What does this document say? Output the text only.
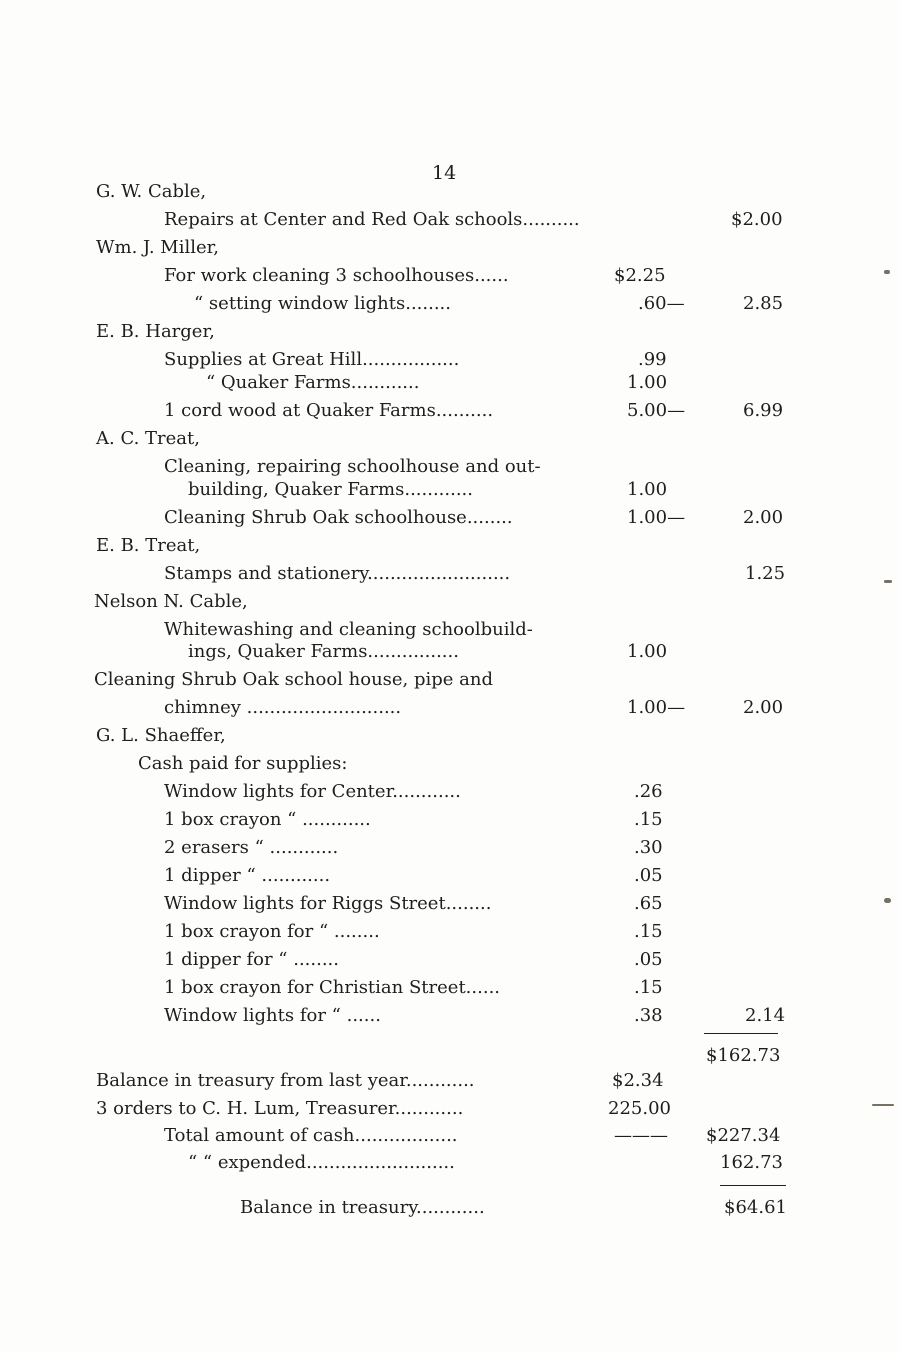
14
G. W. Cable,
Repairs at Center and Red Oak schools..........	$2.00
Wm. J. Miller,
For work cleaning 3 schoolhouses......	$2.25
“ setting window lights........	.60—	2.85
E. B. Harger,
Supplies at Great Hill.................	.99
“ Quaker Farms............	1.00
1 cord wood at Quaker Farms..........	5.00—	6.99
A. C. Treat,
Cleaning, repairing schoolhouse and out-
building, Quaker Farms............	1.00
Cleaning Shrub Oak schoolhouse........	1.00—	2.00
E. B. Treat,
Stamps and stationery.........................	1.25
Nelson N. Cable,
Whitewashing and cleaning schoolbuild-
ings, Quaker Farms................	1.00
Cleaning Shrub Oak school house, pipe and
chimney ...........................	1.00—	2.00
G. L. Shaeffer,
Cash paid for supplies:
Window lights for Center............	.26
1 box crayon “ ............	.15
2 erasers “ ............	.30
1 dipper “ ............	.05
Window lights for Riggs Street........	.65
1 box crayon for “ ........	.15
1 dipper for “ ........	.05
1 box crayon for Christian Street......	.15
Window lights for “ ......	.38	2.14
$162.73
Balance in treasury from last year............	$2.34
3 orders to C. H. Lum, Treasurer............	225.00
Total amount of cash..................	——— $227.34
“ “ expended..........................	162.73
Balance in treasury............	$64.61
